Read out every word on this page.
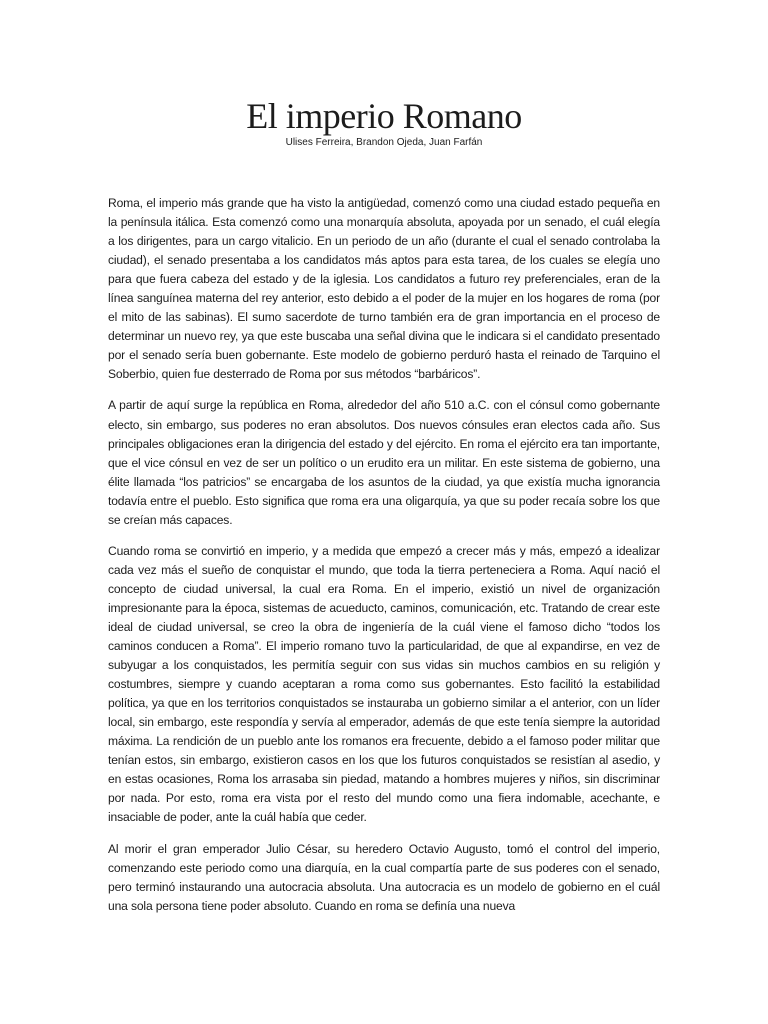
El imperio Romano
Ulises Ferreira, Brandon Ojeda, Juan Farfán

Roma, el imperio más grande que ha visto la antigüedad, comenzó como una ciudad estado pequeña en la península itálica. Esta comenzó como una monarquía absoluta, apoyada por un senado, el cuál elegía a los dirigentes, para un cargo vitalicio. En un periodo de un año (durante el cual el senado controlaba la ciudad), el senado presentaba a los candidatos más aptos para esta tarea, de los cuales se elegía uno para que fuera cabeza del estado y de la iglesia. Los candidatos a futuro rey preferenciales, eran de la línea sanguínea materna del rey anterior, esto debido a el poder de la mujer en los hogares de roma (por el mito de las sabinas). El sumo sacerdote de turno también era de gran importancia en el proceso de determinar un nuevo rey, ya que este buscaba una señal divina que le indicara si el candidato presentado por el senado sería buen gobernante. Este modelo de gobierno perduró hasta el reinado de Tarquino el Soberbio, quien fue desterrado de Roma por sus métodos “barbáricos”.

A partir de aquí surge la república en Roma, alrededor del año 510 a.C. con el cónsul como gobernante electo, sin embargo, sus poderes no eran absolutos. Dos nuevos cónsules eran electos cada año. Sus principales obligaciones eran la dirigencia del estado y del ejército. En roma el ejército era tan importante, que el vice cónsul en vez de ser un político o un erudito era un militar. En este sistema de gobierno, una élite llamada “los patricios” se encargaba de los asuntos de la ciudad, ya que existía mucha ignorancia todavía entre el pueblo. Esto significa que roma era una oligarquía, ya que su poder recaía sobre los que se creían más capaces.

Cuando roma se convirtió en imperio, y a medida que empezó a crecer más y más, empezó a idealizar cada vez más el sueño de conquistar el mundo, que toda la tierra perteneciera a Roma. Aquí nació el concepto de ciudad universal, la cual era Roma. En el imperio, existió un nivel de organización impresionante para la época, sistemas de acueducto, caminos, comunicación, etc. Tratando de crear este ideal de ciudad universal, se creo la obra de ingeniería de la cuál viene el famoso dicho “todos los caminos conducen a Roma”. El imperio romano tuvo la particularidad, de que al expandirse, en vez de subyugar a los conquistados, les permitía seguir con sus vidas sin muchos cambios en su religión y costumbres, siempre y cuando aceptaran a roma como sus gobernantes. Esto facilitó la estabilidad política, ya que en los territorios conquistados se instauraba un gobierno similar a el anterior, con un líder local, sin embargo, este respondía y servía al emperador, además de que este tenía siempre la autoridad máxima. La rendición de un pueblo ante los romanos era frecuente, debido a el famoso poder militar que tenían estos, sin embargo, existieron casos en los que los futuros conquistados se resistían al asedio, y en estas ocasiones, Roma los arrasaba sin piedad, matando a hombres mujeres y niños, sin discriminar por nada. Por esto, roma era vista por el resto del mundo como una fiera indomable, acechante, e insaciable de poder, ante la cuál había que ceder.

Al morir el gran emperador Julio César, su heredero Octavio Augusto, tomó el control del imperio, comenzando este periodo como una diarquía, en la cual compartía parte de sus poderes con el senado, pero terminó instaurando una autocracia absoluta. Una autocracia es un modelo de gobierno en el cuál una sola persona tiene poder absoluto. Cuando en roma se definía una nueva
